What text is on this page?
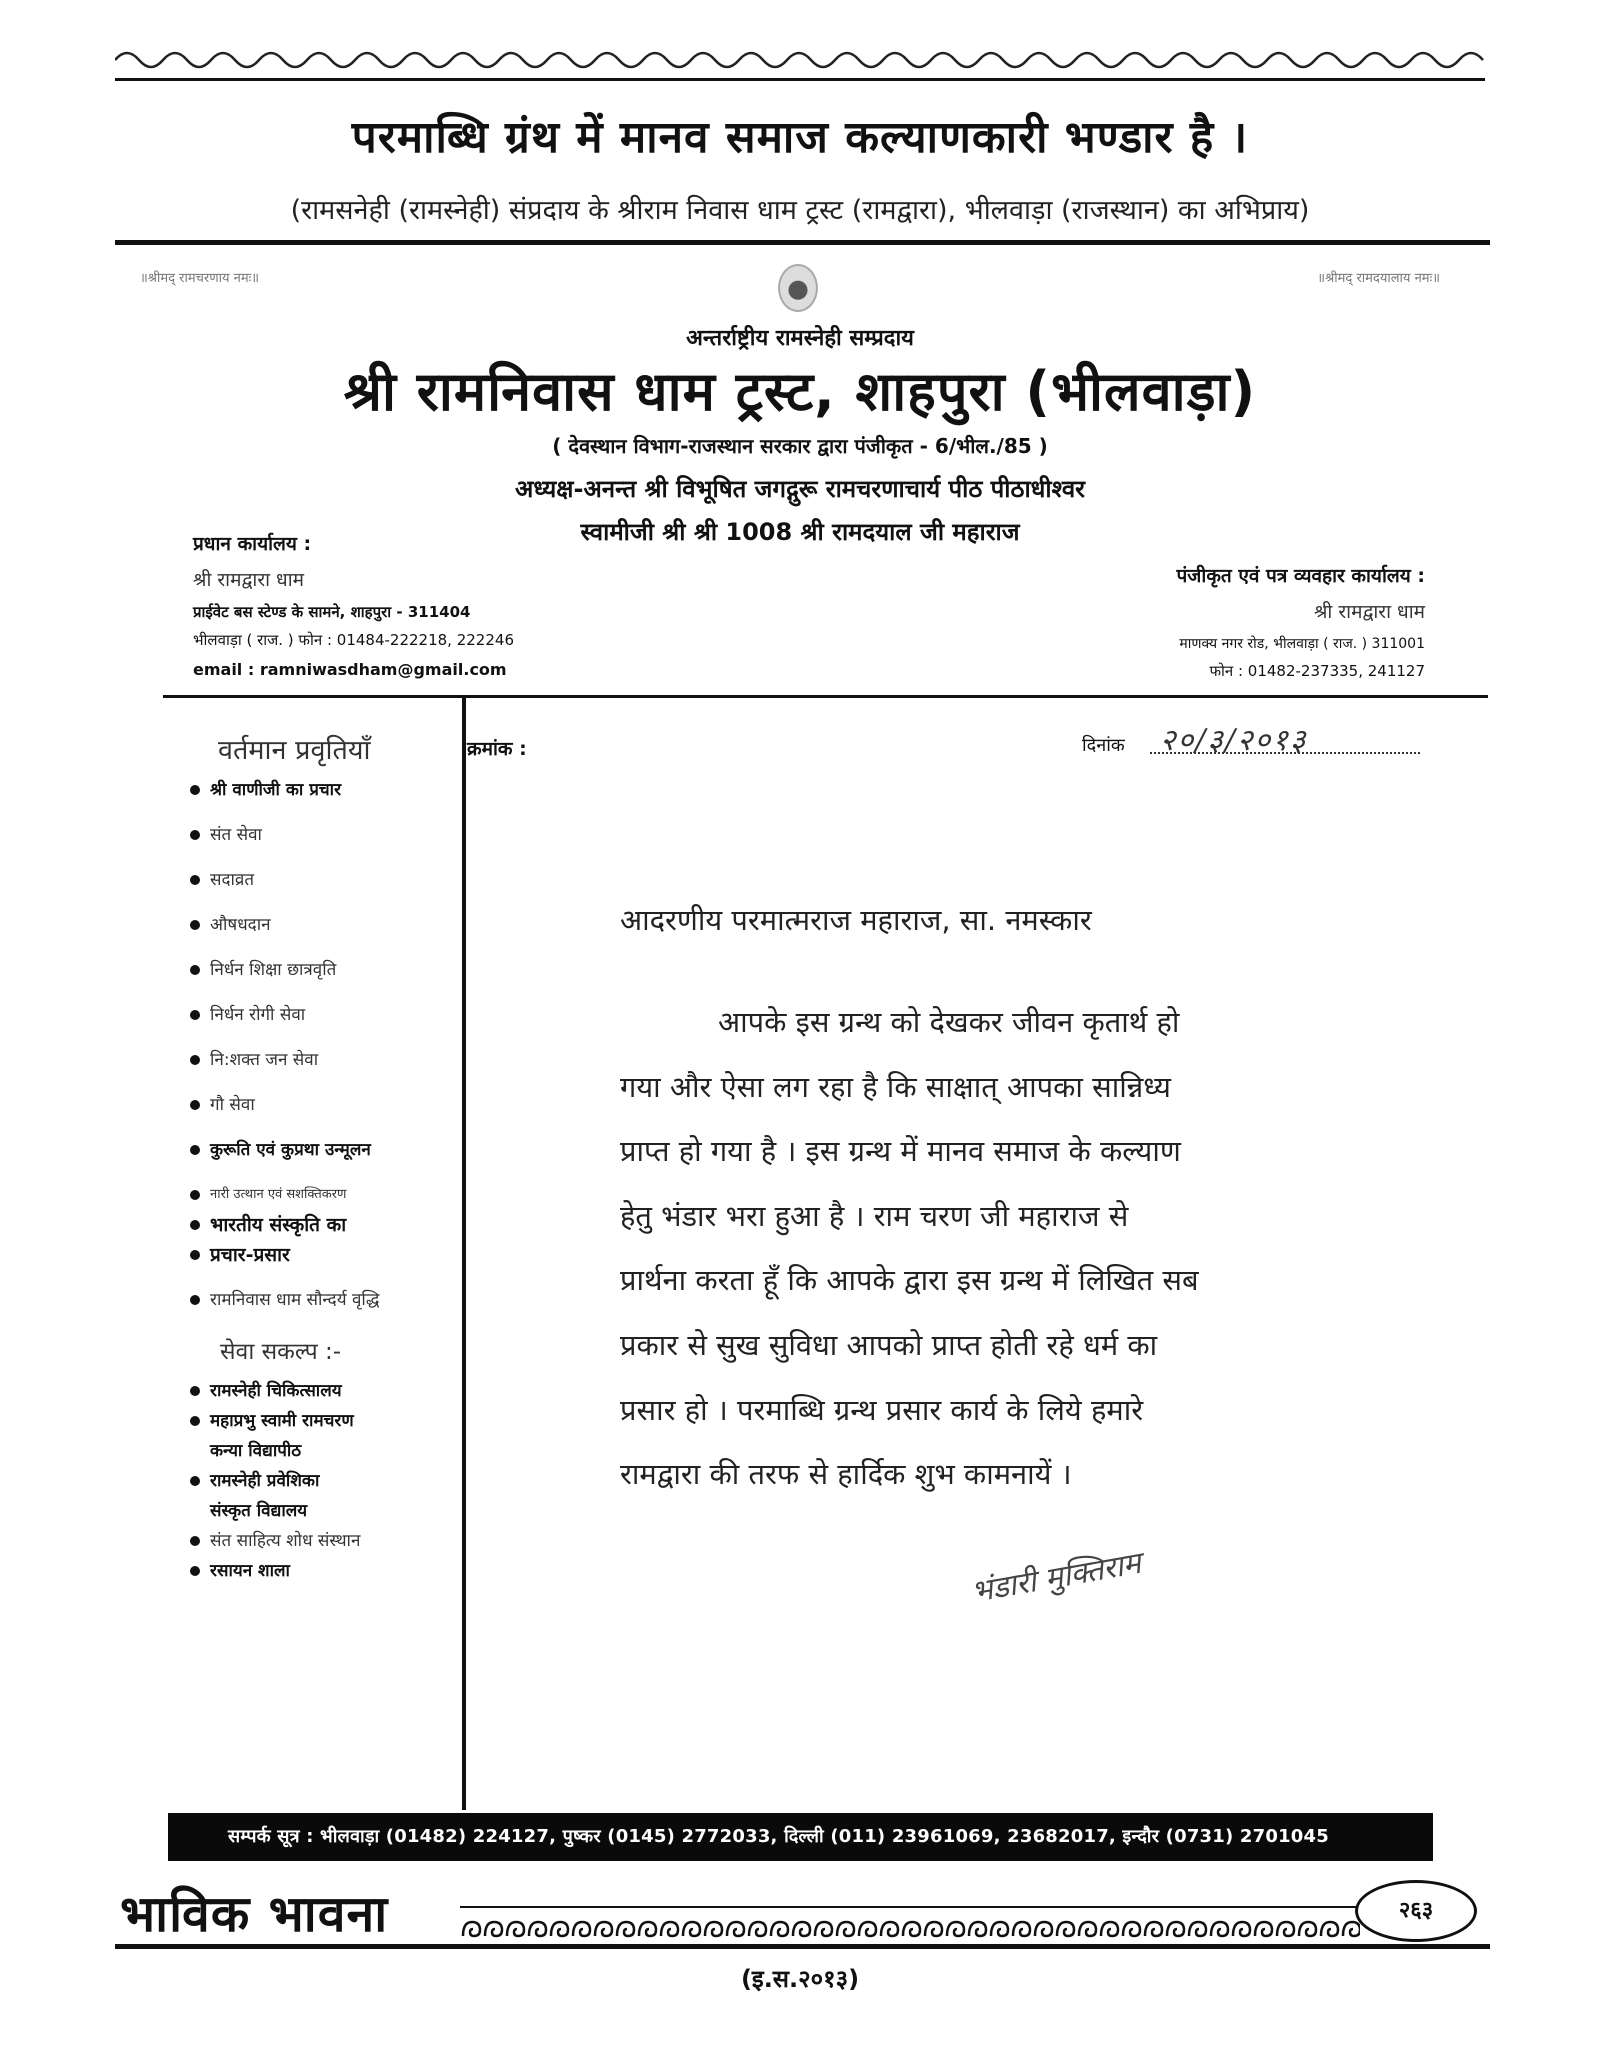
परमाब्धि ग्रंथ में मानव समाज कल्याणकारी भण्डार है ।
(रामसनेही (रामस्नेही) संप्रदाय के श्रीराम निवास धाम ट्रस्ट (रामद्वारा), भीलवाड़ा (राजस्थान) का अभिप्राय)
॥श्रीमद् रामचरणाय नमः॥	॥श्रीमद् रामदयालाय नमः॥
अन्तर्राष्ट्रीय रामस्नेही सम्प्रदाय
श्री रामनिवास धाम ट्रस्ट, शाहपुरा (भीलवाड़ा)
( देवस्थान विभाग-राजस्थान सरकार द्वारा पंजीकृत - 6/भील./85 )
अध्यक्ष-अनन्त श्री विभूषित जगद्गुरू रामचरणाचार्य पीठ पीठाधीश्वर
स्वामीजी श्री श्री 1008 श्री रामदयाल जी महाराज
प्रधान कार्यालय :
श्री रामद्वारा धाम
प्राईवेट बस स्टेण्ड के सामने, शाहपुरा - 311404
भीलवाड़ा ( राज. ) फोन : 01484-222218, 222246
email : ramniwasdham@gmail.com
पंजीकृत एवं पत्र व्यवहार कार्यालय :
श्री रामद्वारा धाम
माणक्य नगर रोड, भीलवाड़ा ( राज. ) 311001
फोन : 01482-237335, 241127
वर्तमान प्रवृतियाँ
श्री वाणीजी का प्रचार
संत सेवा
सदाव्रत
औषधदान
निर्धन शिक्षा छात्रवृति
निर्धन रोगी सेवा
नि:शक्त जन सेवा
गौ सेवा
कुरूति एवं कुप्रथा उन्मूलन
नारी उत्थान एवं सशक्तिकरण
भारतीय संस्कृति का
प्रचार-प्रसार
रामनिवास धाम सौन्दर्य वृद्धि
सेवा सकल्प :-
रामस्नेही चिकित्सालय
महाप्रभु स्वामी रामचरण
कन्या विद्यापीठ
रामस्नेही प्रवेशिका
संस्कृत विद्यालय
संत साहित्य शोध संस्थान
रसायन शाला
क्रमांक :	दिनांक २०/३/२०१३
आदरणीय परमात्मराज महाराज, सा. नमस्कार
आपके इस ग्रन्थ को देखकर जीवन कृतार्थ हो
गया और ऐसा लग रहा है कि साक्षात् आपका सान्निध्य
प्राप्त हो गया है । इस ग्रन्थ में मानव समाज के कल्याण
हेतु भंडार भरा हुआ है । राम चरण जी महाराज से
प्रार्थना करता हूँ कि आपके द्वारा इस ग्रन्थ में लिखित सब
प्रकार से सुख सुविधा आपको प्राप्त होती रहे धर्म का
प्रसार हो । परमाब्धि ग्रन्थ प्रसार कार्य के लिये हमारे
रामद्वारा की तरफ से हार्दिक शुभ कामनायें ।
भंडारी मुक्तिराम
सम्पर्क सूत्र : भीलवाड़ा (01482) 224127, पुष्कर (0145) 2772033, दिल्ली (011) 23961069, 23682017, इन्दौर (0731) 2701045
भाविक भावना	२६३
(इ.स.२०१३)
